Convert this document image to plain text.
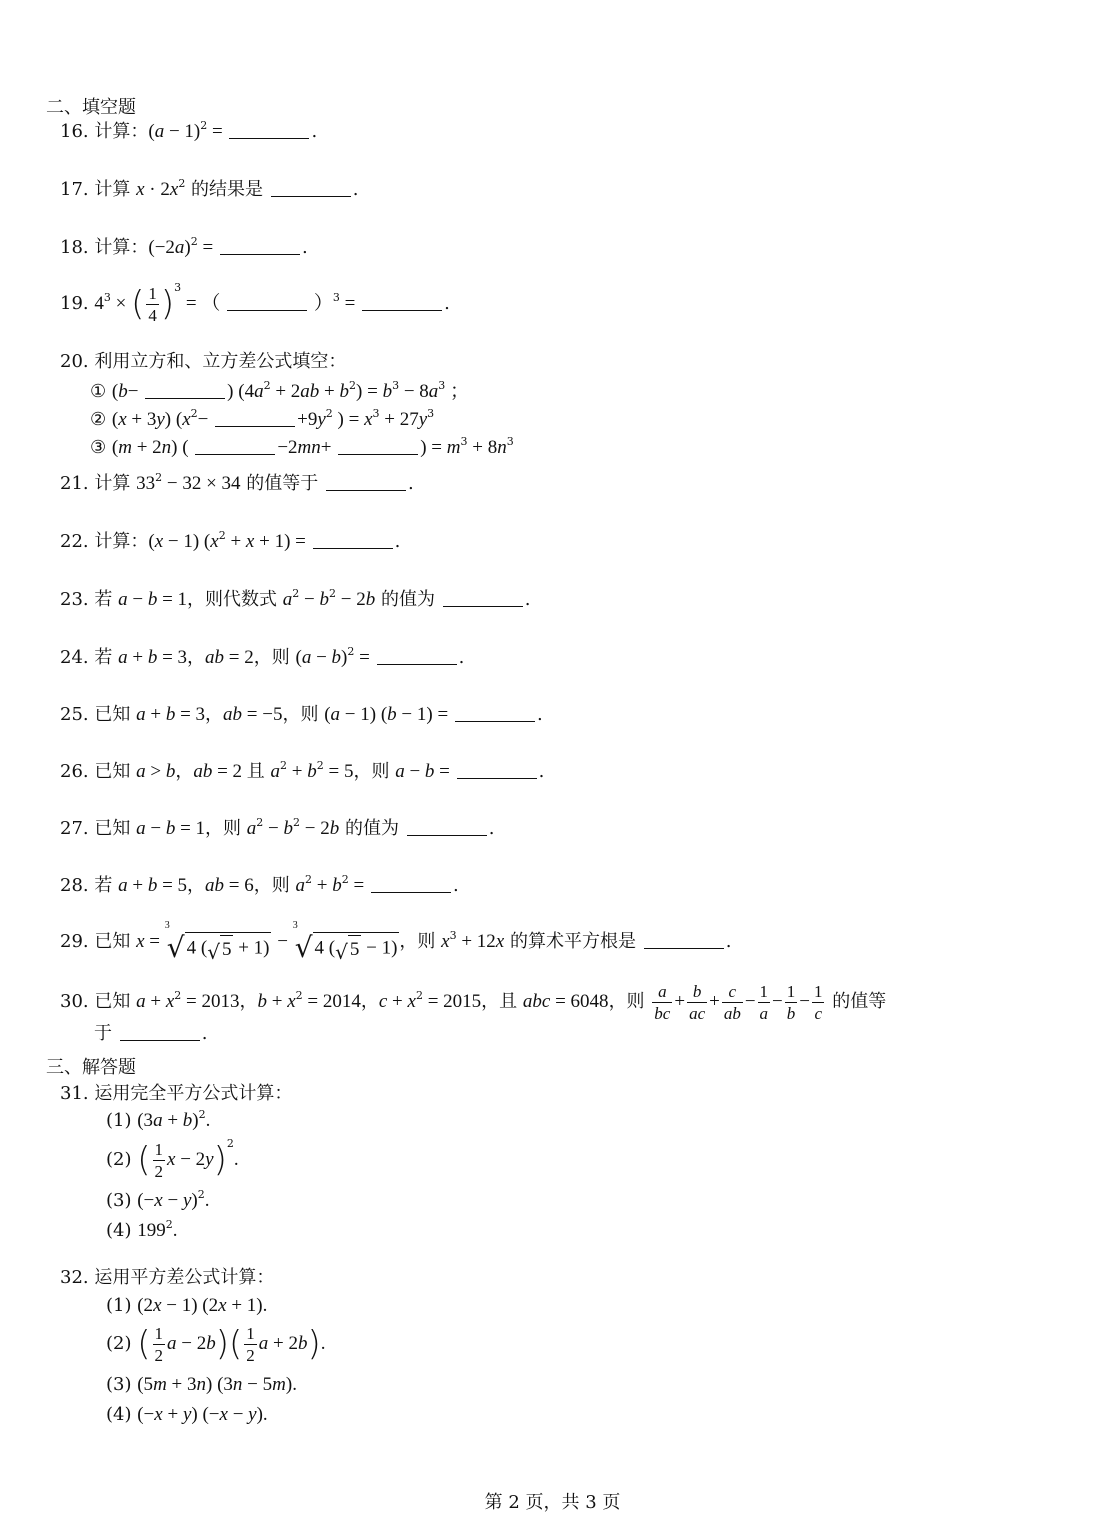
二、填空题
16. 计算：$(a - 1)^2$ =	.
17. 计算 $x \cdot 2x^2$ 的结果是	.
18. 计算：$(-2a)^2$ =	.
19. $4^3$ × ( $\frac{1}{4} )^3$ = （	）$^3$ =	.
20. 利用立方和、立方差公式填空：
① (b−	) $(4a^2 + 2ab + b^2) = b^3 - 8a^3$ ；
② (x + 3y) ($x^2-$	$+9y^2$ ) = $x^3 + 27y^3$
③ (m + 2n) (	−2mn+	) = $m^3 + 8n^3$
21. 计算 $33^2 - 32 \times 34$ 的值等于	.
22. 计算：(x − 1) $(x^2 + x + 1)$ =	.
23. 若 a − b = 1，则代数式 $a^2 - b^2 - 2b$ 的值为	.
24. 若 a + b = 3，ab = 2，则 $(a - b)^2$ =	.
25. 已知 a + b = 3，ab = −5，则 (a − 1) (b − 1) =	.
26. 已知 a > b，ab = 2 且 $a^2 + b^2 = 5$，则 a − b =	.
27. 已知 a − b = 1，则 $a^2 - b^2 - 2b$ 的值为	.
28. 若 a + b = 5，ab = 6，则 $a^2 + b^2$ =	.
29. 已知 x =
3
√ 4 ( √ 5 + 1) −
3
√ 4 ( √ 5 − 1) ，则 $x^3 + 12x$ 的算术平方根是	.
30. 已知 $a + x^2 = 2013$，$b + x^2 = 2014$，$c + x^2 = 2015$，且 abc = 6048，则 $\frac{a}{bc} + \frac{b}{ac} + \frac{c}{ab} - \frac{1}{a} - \frac{1}{b} - \frac{1}{c}$ 的值等
于	.
三、解答题
31. 运用完全平方公式计算：
(1) $(3a + b)^2$.
(2) ( $\frac{1}{2}$ x − 2y)$^2$.
(3) $(-x - y)^2$.
(4) $199^2$.
32. 运用平方差公式计算：
(1) (2x − 1) (2x + 1).
(2) ( $\frac{1}{2}$ $a - 2b)( \frac{1}{2}$ a + 2b).
(3) (5m + 3n) (3n − 5m).
(4) (−x + y) (−x − y).
第 2 页，共 3 页
